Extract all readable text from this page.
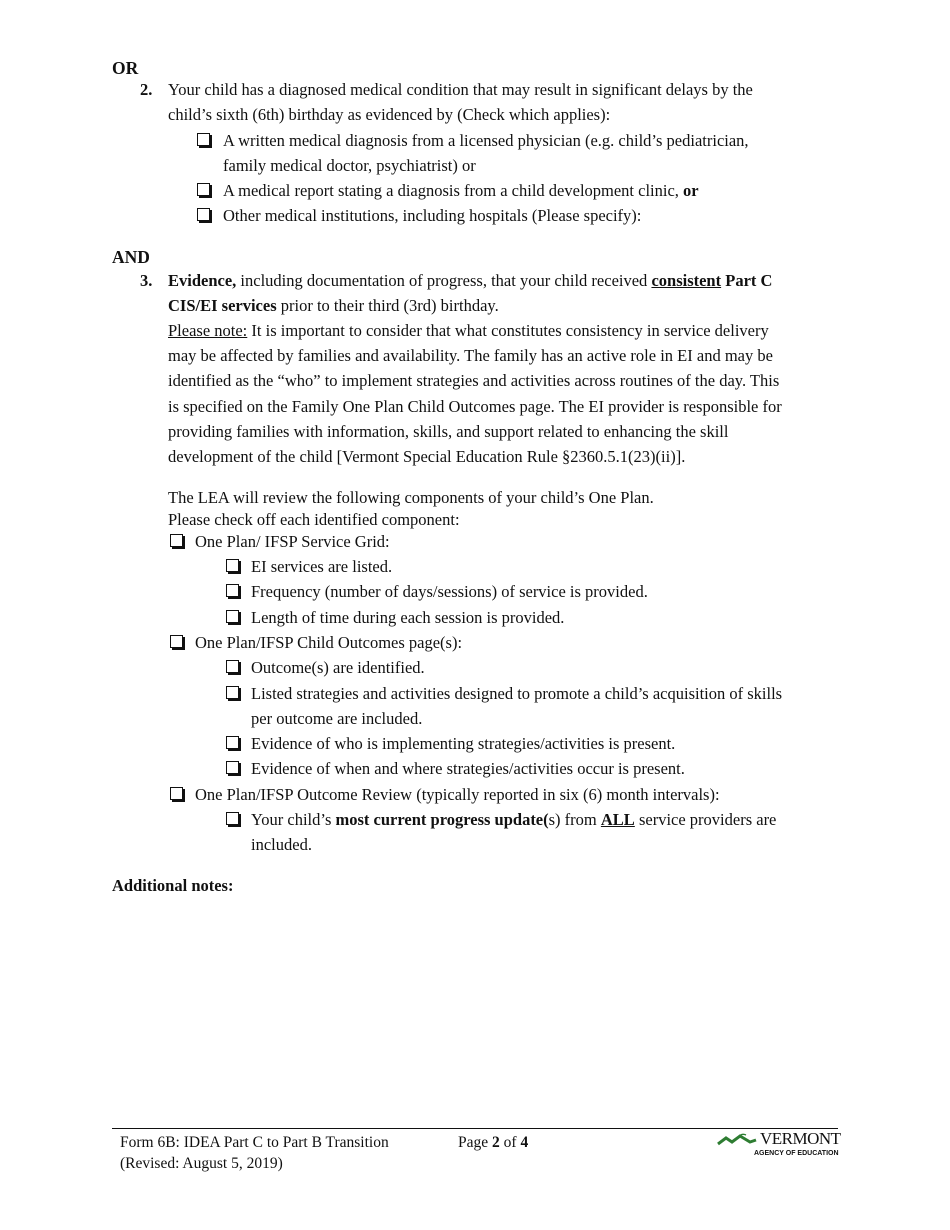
OR
2. Your child has a diagnosed medical condition that may result in significant delays by the
child’s sixth (6th) birthday as evidenced by (Check which applies):
A written medical diagnosis from a licensed physician (e.g. child’s pediatrician,
family medical doctor, psychiatrist) or
A medical report stating a diagnosis from a child development clinic, or
Other medical institutions, including hospitals (Please specify):
AND
3. Evidence, including documentation of progress, that your child received consistent Part C
CIS/EI services prior to their third (3rd) birthday.
Please note: It is important to consider that what constitutes consistency in service delivery
may be affected by families and availability. The family has an active role in EI and may be
identified as the “who” to implement strategies and activities across routines of the day. This
is specified on the Family One Plan Child Outcomes page. The EI provider is responsible for
providing families with information, skills, and support related to enhancing the skill
development of the child [Vermont Special Education Rule §2360.5.1(23)(ii)].
The LEA will review the following components of your child’s One Plan.
Please check off each identified component:
One Plan/ IFSP Service Grid:
EI services are listed.
Frequency (number of days/sessions) of service is provided.
Length of time during each session is provided.
One Plan/IFSP Child Outcomes page(s):
Outcome(s) are identified.
Listed strategies and activities designed to promote a child’s acquisition of skills
per outcome are included.
Evidence of who is implementing strategies/activities is present.
Evidence of when and where strategies/activities occur is present.
One Plan/IFSP Outcome Review (typically reported in six (6) month intervals):
Your child’s most current progress update(s) from ALL service providers are
included.
Additional notes:
Form 6B: IDEA Part C to Part B Transition
(Revised: August 5, 2019)
Page 2 of 4	VERMONT
AGENCY OF EDUCATION
